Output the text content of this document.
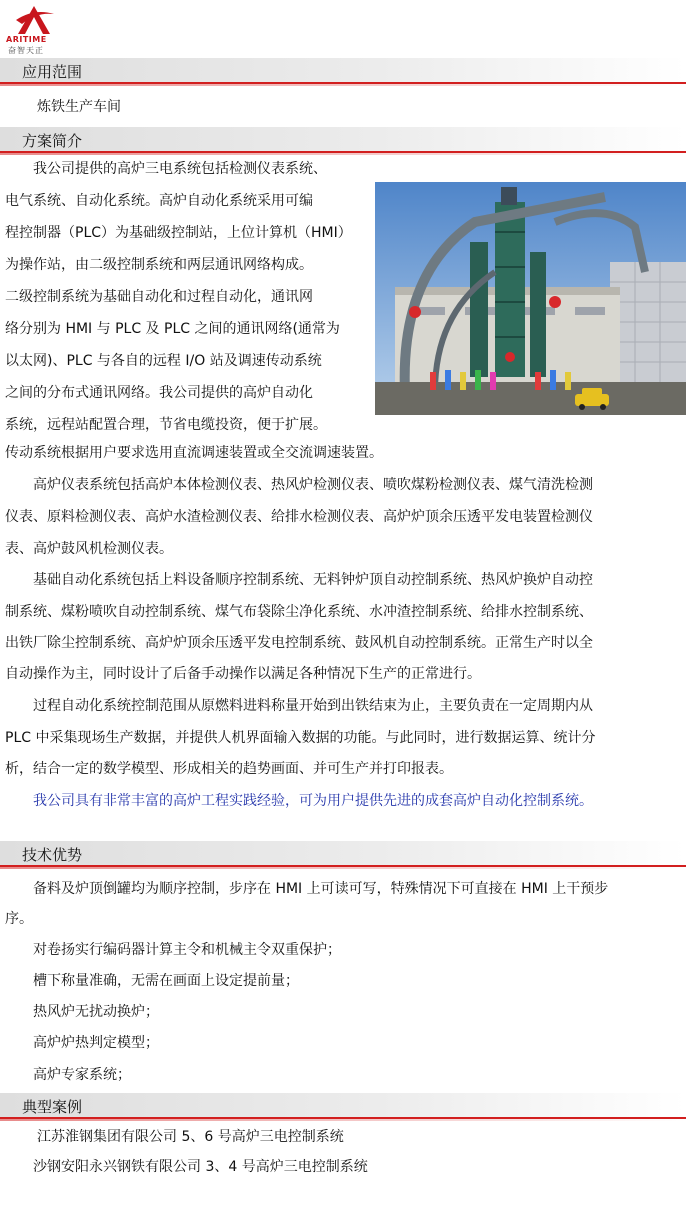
ARITIME
奋智天正
应用范围
炼铁生产车间
方案简介
我公司提供的高炉三电系统包括检测仪表系统、
电气系统、自动化系统。高炉自动化系统采用可编
程控制器（PLC）为基础级控制站，上位计算机（HMI）
为操作站，由二级控制系统和两层通讯网络构成。
二级控制系统为基础自动化和过程自动化，通讯网
络分别为 HMI 与 PLC 及 PLC 之间的通讯网络(通常为
以太网)、PLC 与各自的远程 I/O 站及调速传动系统
之间的分布式通讯网络。我公司提供的高炉自动化
系统，远程站配置合理，节省电缆投资，便于扩展。
传动系统根据用户要求选用直流调速装置或全交流调速装置。
高炉仪表系统包括高炉本体检测仪表、热风炉检测仪表、喷吹煤粉检测仪表、煤气清洗检测
仪表、原料检测仪表、高炉水渣检测仪表、给排水检测仪表、高炉炉顶余压透平发电装置检测仪
表、高炉鼓风机检测仪表。
基础自动化系统包括上料设备顺序控制系统、无料钟炉顶自动控制系统、热风炉换炉自动控
制系统、煤粉喷吹自动控制系统、煤气布袋除尘净化系统、水冲渣控制系统、给排水控制系统、
出铁厂除尘控制系统、高炉炉顶余压透平发电控制系统、鼓风机自动控制系统。正常生产时以全
自动操作为主，同时设计了后备手动操作以满足各种情况下生产的正常进行。
过程自动化系统控制范围从原燃料进料称量开始到出铁结束为止，主要负责在一定周期内从
PLC 中采集现场生产数据，并提供人机界面输入数据的功能。与此同时，进行数据运算、统计分
析，结合一定的数学模型、形成相关的趋势画面、并可生产并打印报表。
我公司具有非常丰富的高炉工程实践经验，可为用户提供先进的成套高炉自动化控制系统。
技术优势
备料及炉顶倒罐均为顺序控制，步序在 HMI 上可读可写，特殊情况下可直接在 HMI 上干预步
序。
对卷扬实行编码器计算主令和机械主令双重保护；
槽下称量准确，无需在画面上设定提前量；
热风炉无扰动换炉；
高炉炉热判定模型；
高炉专家系统；
典型案例
江苏淮钢集团有限公司 5、6 号高炉三电控制系统
沙钢安阳永兴钢铁有限公司 3、4 号高炉三电控制系统
